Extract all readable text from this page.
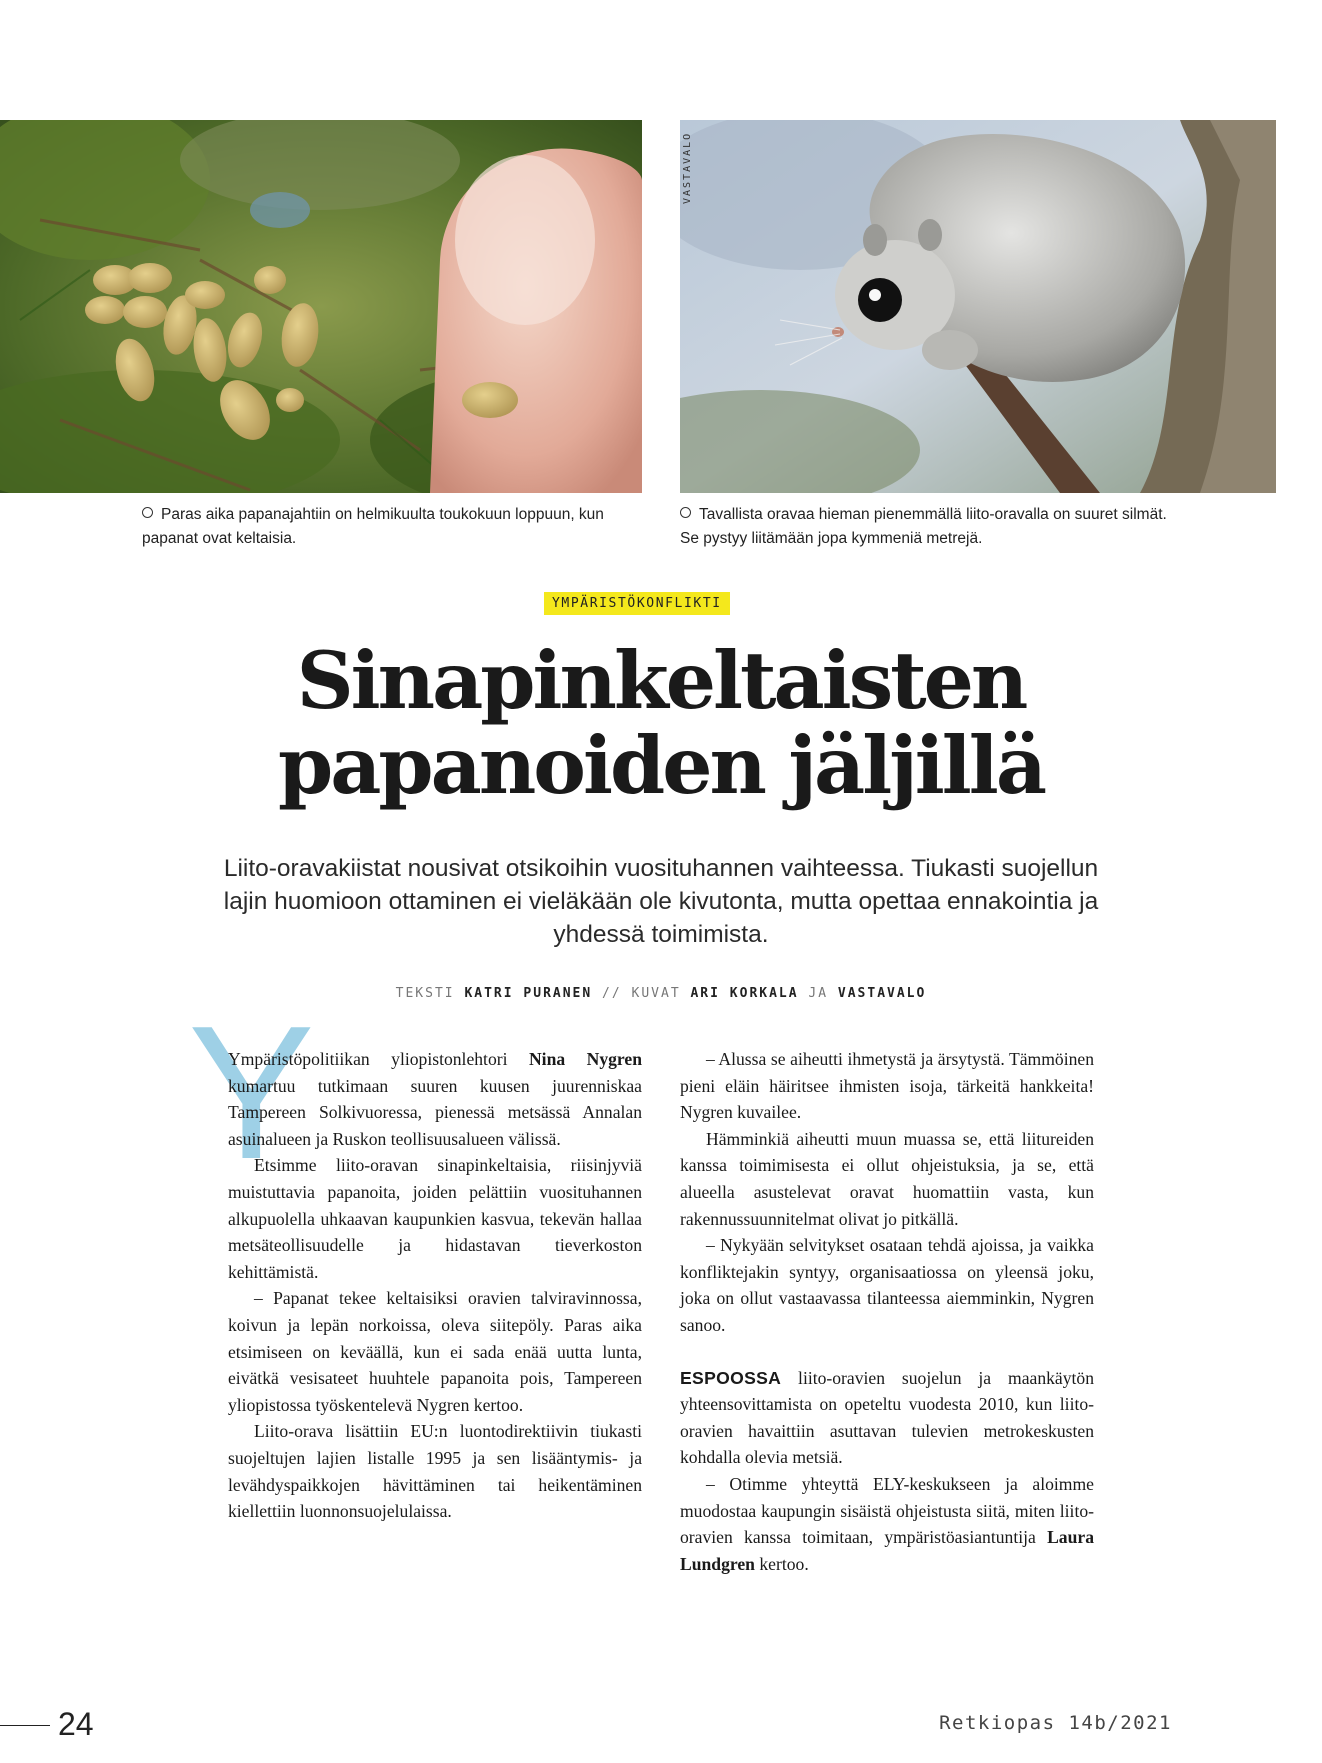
VASTAVALO
Paras aika papanajahtiin on helmikuulta toukokuun loppuun, kun papanat ovat keltaisia.
Tavallista oravaa hieman pienemmällä liito-oravalla on suuret silmät. Se pystyy liitämään jopa kymmeniä metrejä.
YMPÄRISTÖKONFLIKTI
Sinapinkeltaisten
papanoiden jäljillä
Liito-oravakiistat nousivat otsikoihin vuosituhannen vaihteessa. Tiukasti suojellun lajin huomioon ottaminen ei vieläkään ole kivutonta, mutta opettaa ennakointia ja yhdessä toimimista.
TEKSTI KATRI PURANEN // KUVAT ARI KORKALA JA VASTAVALO
Y

Ympäristöpolitiikan yliopistonlehtori Nina Nygren kumartuu tutkimaan suuren kuusen juurenniskaa Tampereen Solkivuoressa, pienessä metsässä Annalan asuinalueen ja Ruskon teollisuusalueen välissä.

Etsimme liito-oravan sinapinkeltaisia, riisinjyviä muistuttavia papanoita, joiden pelättiin vuosituhannen alkupuolella uhkaavan kaupunkien kasvua, tekevän hallaa metsäteollisuudelle ja hidastavan tieverkoston kehittämistä.

– Papanat tekee keltaisiksi oravien talviravinnossa, koivun ja lepän norkoissa, oleva siitepöly. Paras aika etsimiseen on keväällä, kun ei sada enää uutta lunta, eivätkä vesisateet huuhtele papanoita pois, Tampereen yliopistossa työskentelevä Nygren kertoo.

Liito-orava lisättiin EU:n luontodirektiivin tiukasti suojeltujen lajien listalle 1995 ja sen lisääntymis- ja levähdyspaikkojen hävittäminen tai heikentäminen kiellettiin luonnonsuojelulaissa.

– Alussa se aiheutti ihmetystä ja ärsytystä. Tämmöinen pieni eläin häiritsee ihmisten isoja, tärkeitä hankkeita! Nygren kuvailee.

Hämminkiä aiheutti muun muassa se, että liitureiden kanssa toimimisesta ei ollut ohjeistuksia, ja se, että alueella asustelevat oravat huomattiin vasta, kun rakennussuunnitelmat olivat jo pitkällä.

– Nykyään selvitykset osataan tehdä ajoissa, ja vaikka konfliktejakin syntyy, organisaatiossa on yleensä joku, joka on ollut vastaavassa tilanteessa aiemminkin, Nygren sanoo.

ESPOOSSA liito-oravien suojelun ja maankäytön yhteensovittamista on opeteltu vuodesta 2010, kun liito-oravien havaittiin asuttavan tulevien metrokeskusten kohdalla olevia metsiä.

– Otimme yhteyttä ELY-keskukseen ja aloimme muodostaa kaupungin sisäistä ohjeistusta siitä, miten liito-oravien kanssa toimitaan, ympäristöasiantuntija Laura Lundgren kertoo.

24	Retkiopas 14b/2021
